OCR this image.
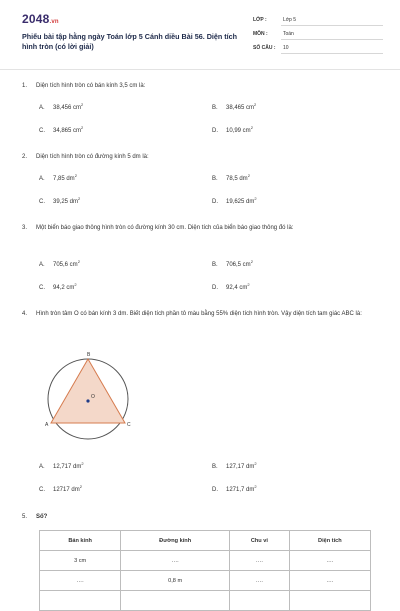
2048.vn
Phiếu bài tập hằng ngày Toán lớp 5 Cánh diều Bài 56. Diện tích hình tròn (có lời giải)
LỚP :	Lớp 5
MÔN :	Toán
SỐ CÂU : 10
1. Diện tích hình tròn có bán kính 3,5 cm là:
A. 38,456 $cm^2$
B. 38,465 $cm^2$
C. 34,865 $cm^2$
D. 10,99 $cm^2$
2. Diện tích hình tròn có đường kính 5 dm là:
A. 7,85 $dm^2$
B. 78,5 $dm^2$
C. 39,25 $dm^2$
D. 19,625 $dm^2$
3. Một biển báo giao thông hình tròn có đường kính 30 cm. Diện tích của biển báo giao thông đó là:
A. 705,6 $cm^2$
B. 706,5 $cm^2$
C. 94,2 $cm^2$
D. 92,4 $cm^2$
4. Hình tròn tâm O có bán kính 3 dm. Biết diện tích phần tô màu bằng 55% diện tích hình tròn. Vậy diện tích tam giác ABC là:
B
A	C
O
A. 12,717 $dm^2$
B. 127,17 $dm^2$
C. 12717 $dm^2$
D. 1271,7 $dm^2$
5. Số?
Bán kính	Đường kính	Chu vi	Diện tích
3 cm	….	….	….
….	0,8 m	….	….
